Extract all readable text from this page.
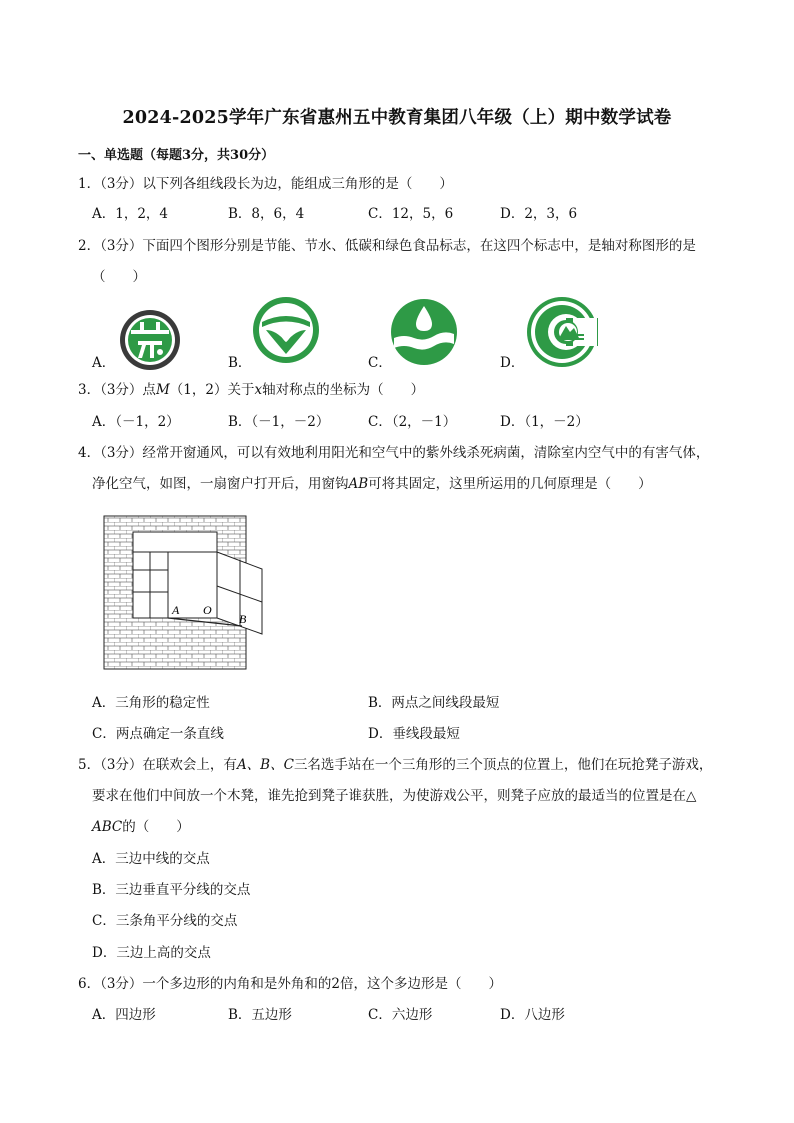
2024-2025学年广东省惠州五中教育集团八年级（上）期中数学试卷
一、单选题（每题3分，共30分）
1．（3分）以下列各组线段长为边，能组成三角形的是（　　）
A．1，2，4	B．8，6，4	C．12，5，6	D．2，3，6
2．（3分）下面四个图形分别是节能、节水、低碳和绿色食品标志，在这四个标志中，是轴对称图形的是
（　　）
A．	B．	C．	D．
3．（3分）点M（1，2）关于x轴对称点的坐标为（　　）
A．（－1，2）	B．（－1，－2）	C．（2，－1）	D．（1，－2）
4．（3分）经常开窗通风，可以有效地利用阳光和空气中的紫外线杀死病菌，清除室内空气中的有害气体，
净化空气，如图，一扇窗户打开后，用窗钩AB可将其固定，这里所运用的几何原理是（　　）
A O
B
A．三角形的稳定性	B．两点之间线段最短
C．两点确定一条直线	D．垂线段最短
5．（3分）在联欢会上，有A、B、C三名选手站在一个三角形的三个顶点的位置上，他们在玩抢凳子游戏，
要求在他们中间放一个木凳，谁先抢到凳子谁获胜，为使游戏公平，则凳子应放的最适当的位置是在△
ABC的（　　）
A．三边中线的交点
B．三边垂直平分线的交点
C．三条角平分线的交点
D．三边上高的交点
6．（3分）一个多边形的内角和是外角和的2倍，这个多边形是（　　）
A．四边形	B．五边形	C．六边形	D．八边形
